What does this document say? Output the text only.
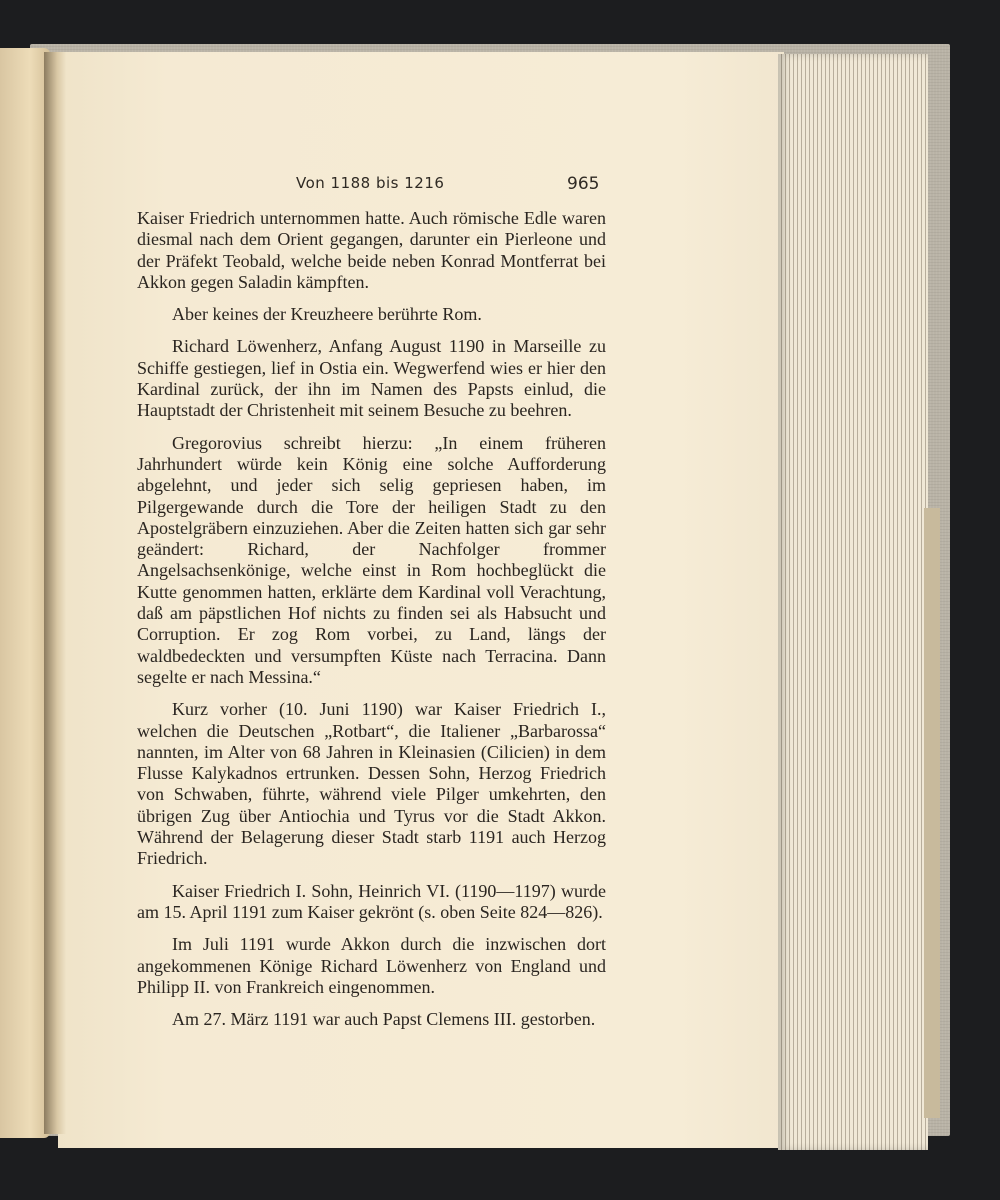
Von 1188 bis 1216	965

Kaiser Friedrich unternommen hatte. Auch römische Edle waren diesmal nach dem Orient gegangen, darunter ein Pierleone und der Präfekt Teobald, welche beide neben Konrad Montferrat bei Akkon gegen Saladin kämpften.

Aber keines der Kreuzheere berührte Rom.

Richard Löwenherz, Anfang August 1190 in Marseille zu Schiffe gestiegen, lief in Ostia ein. Wegwerfend wies er hier den Kardinal zurück, der ihn im Namen des Papsts einlud, die Hauptstadt der Christenheit mit seinem Besuche zu beehren.

Gregorovius schreibt hierzu: „In einem früheren Jahrhundert würde kein König eine solche Aufforderung abgelehnt, und jeder sich selig gepriesen haben, im Pilgergewande durch die Tore der heiligen Stadt zu den Apostelgräbern einzuziehen. Aber die Zeiten hatten sich gar sehr geändert: Richard, der Nachfolger frommer Angelsachsenkönige, welche einst in Rom hochbeglückt die Kutte genommen hatten, erklärte dem Kardinal voll Verachtung, daß am päpstlichen Hof nichts zu finden sei als Habsucht und Corruption. Er zog Rom vorbei, zu Land, längs der waldbedeckten und versumpften Küste nach Terracina. Dann segelte er nach Messina.“

Kurz vorher (10. Juni 1190) war Kaiser Friedrich I., welchen die Deutschen „Rotbart“, die Italiener „Barbarossa“ nannten, im Alter von 68 Jahren in Kleinasien (Cilicien) in dem Flusse Kalykadnos ertrunken. Dessen Sohn, Herzog Friedrich von Schwaben, führte, während viele Pilger umkehrten, den übrigen Zug über Antiochia und Tyrus vor die Stadt Akkon. Während der Belagerung dieser Stadt starb 1191 auch Herzog Friedrich.

Kaiser Friedrich I. Sohn, Heinrich VI. (1190—1197) wurde am 15. April 1191 zum Kaiser gekrönt (s. oben Seite 824—826).

Im Juli 1191 wurde Akkon durch die inzwischen dort angekommenen Könige Richard Löwenherz von England und Philipp II. von Frankreich eingenommen.

Am 27. März 1191 war auch Papst Clemens III. gestorben.
